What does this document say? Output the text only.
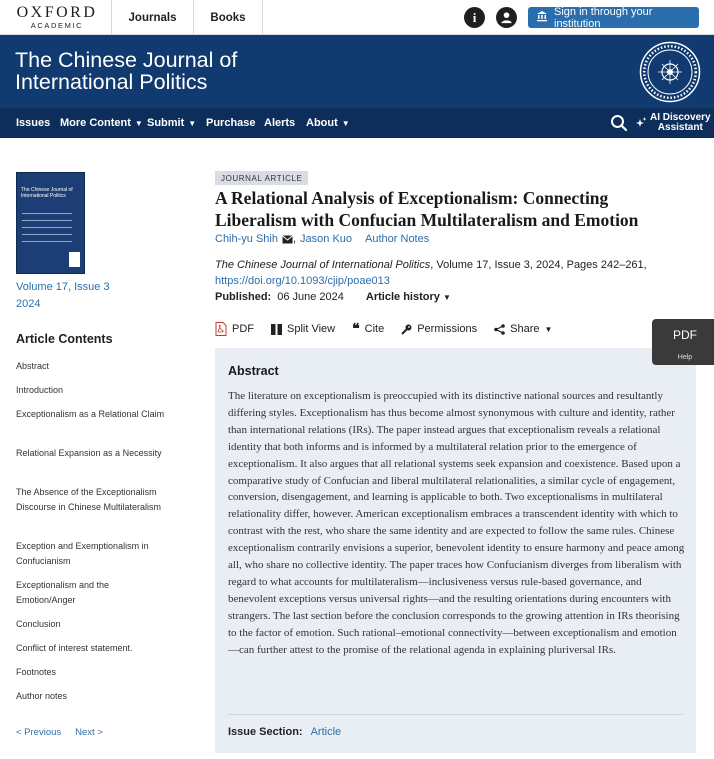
OXFORD
ACADEMIC
Journals	Books	i	Sign in through your institution
The Chinese Journal of International Politics
Issues More Content ▼ Submit ▼ Purchase Alerts About ▼	AI Discovery
Assistant
The Chinese Journal of International Politics
Volume 17, Issue 3
2024
Article Contents
Abstract
Introduction
Exceptionalism as a Relational Claim
Relational Expansion as a Necessity
The Absence of the Exceptionalism Discourse in Chinese Multilateralism
Exception and Exemptionalism in Confucianism
Exceptionalism and the Emotion/Anger
Conclusion
Conflict of interest statement.
Footnotes
Author notes
< Previous Next >
JOURNAL ARTICLE
A Relational Analysis of Exceptionalism: Connecting Liberalism with Confucian Multilateralism and Emotion
Chih-yu Shih , Jason Kuo Author Notes
The Chinese Journal of International Politics, Volume 17, Issue 3, 2024, Pages 242–261,
https://doi.org/10.1093/cjip/poae013
Published: 06 June 2024 Article history ▼
PDF	Split View ❝ Cite	Permissions	Share ▼
Abstract
The literature on exceptionalism is preoccupied with its distinctive national sources and resultantly differing styles. Exceptionalism has thus become almost synonymous with culture and identity, rather than international relations (IRs). The paper instead argues that exceptionalism reveals a relational identity that both informs and is informed by a multilateral relation prior to the emergence of exceptionalism. It also argues that all relational systems seek expansion and coexistence. Based upon a comparative study of Confucian and liberal multilateral relationalities, a similar cycle of engagement, conversion, disengagement, and learning is applicable to both. Two exceptionalisms in multilateral relationality differ, however. American exceptionalism embraces a transcendent identity with which to contrast with the rest, who share the same identity and are expected to follow the same rules. Chinese exceptionalism contrarily envisions a superior, benevolent identity to ensure harmony and peace among all, who share no collective identity. The paper traces how Confucianism diverges from liberalism with regard to what accounts for multilateralism—inclusiveness versus rule-based governance, and benevolent exceptions versus universal rights—and the resulting orientations during encounters with strangers. The last section before the conclusion corresponds to the growing attention in IRs theorising to the factor of emotion. Such rational–emotional connectivity—between exceptionalism and emotion—can further attest to the promise of the relational agenda in explaining pluriversal IRs.
Issue Section: Article
PDF
Help
